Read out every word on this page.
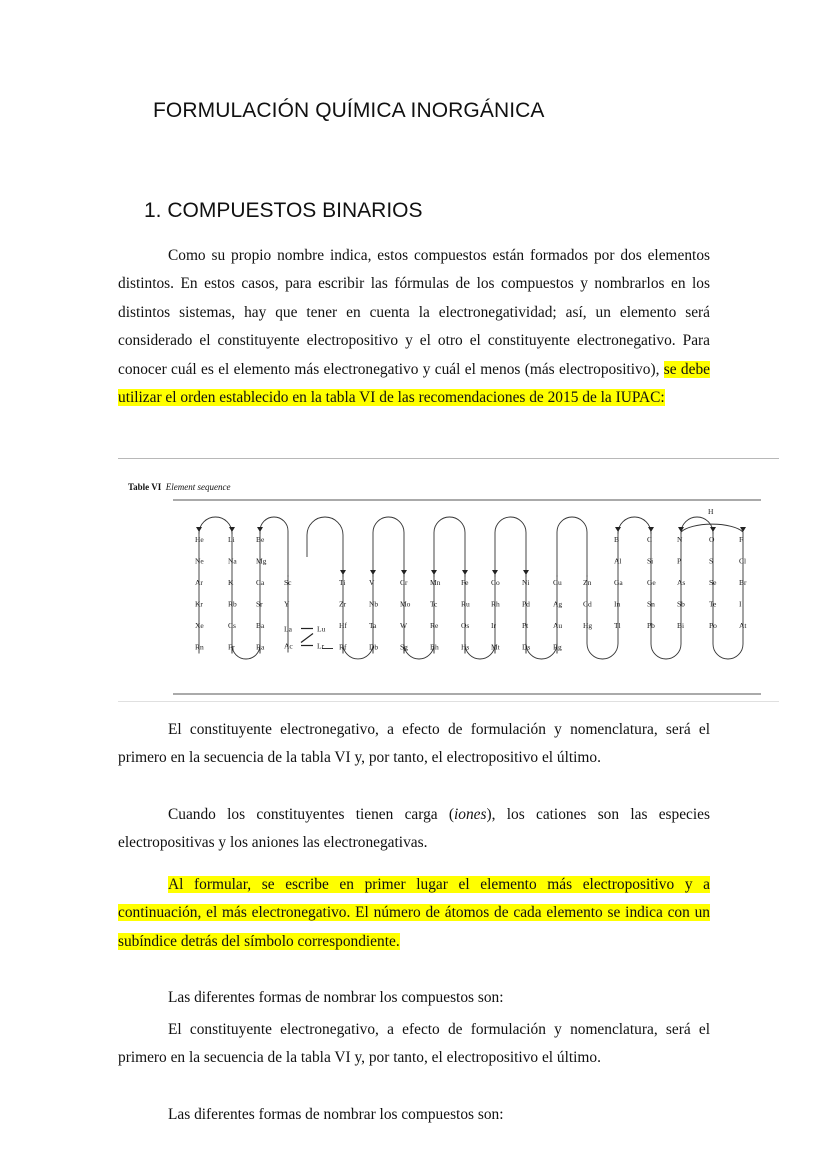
FORMULACIÓN QUÍMICA INORGÁNICA
1. COMPUESTOS BINARIOS

Como su propio nombre indica, estos compuestos están formados por dos elementos distintos. En estos casos, para escribir las fórmulas de los compuestos y nombrarlos en los distintos sistemas, hay que tener en cuenta la electronegatividad; así, un elemento será considerado el constituyente electropositivo y el otro el constituyente electronegativo. Para conocer cuál es el elemento más electronegativo y cuál el menos (más electropositivo), se debe utilizar el orden establecido en la tabla VI de las recomendaciones de 2015 de la IUPAC:

Table VI Element sequence
H
He
Ne
Ar
Kr
Xe
Rn
Li
Na
K
Rb
Cs
Fr
Be
Mg
Ca
Sr
Ba
Ra
Sc
Y
La
Ac
Lu
Lr
Ti
Zr
Hf
Rf
V
Nb
Ta
Db
Cr
Mo
W
Sg
Mn
Tc
Re
Bh
Fe
Ru
Os
Hs
Co
Rh
Ir
Mt
Ni
Pd
Pt
Ds
Cu
Ag
Au
Rg
Zn
Cd
Hg
B
Al
Ga
In
Tl
C
Si
Ge
Sn
Pb
N
P
As
Sb
Bi
O
S
Se
Te
Po
F
Cl
Br
I
At

El constituyente electronegativo, a efecto de formulación y nomenclatura, será el primero en la secuencia de la tabla VI y, por tanto, el electropositivo el último.

Cuando los constituyentes tienen carga (iones), los cationes son las especies electropositivas y los aniones las electronegativas.

Al formular, se escribe en primer lugar el elemento más electropositivo y a continuación, el más electronegativo. El número de átomos de cada elemento se indica con un subíndice detrás del símbolo correspondiente.

Las diferentes formas de nombrar los compuestos son:

El constituyente electronegativo, a efecto de formulación y nomenclatura, será el primero en la secuencia de la tabla VI y, por tanto, el electropositivo el último.

Las diferentes formas de nombrar los compuestos son:
